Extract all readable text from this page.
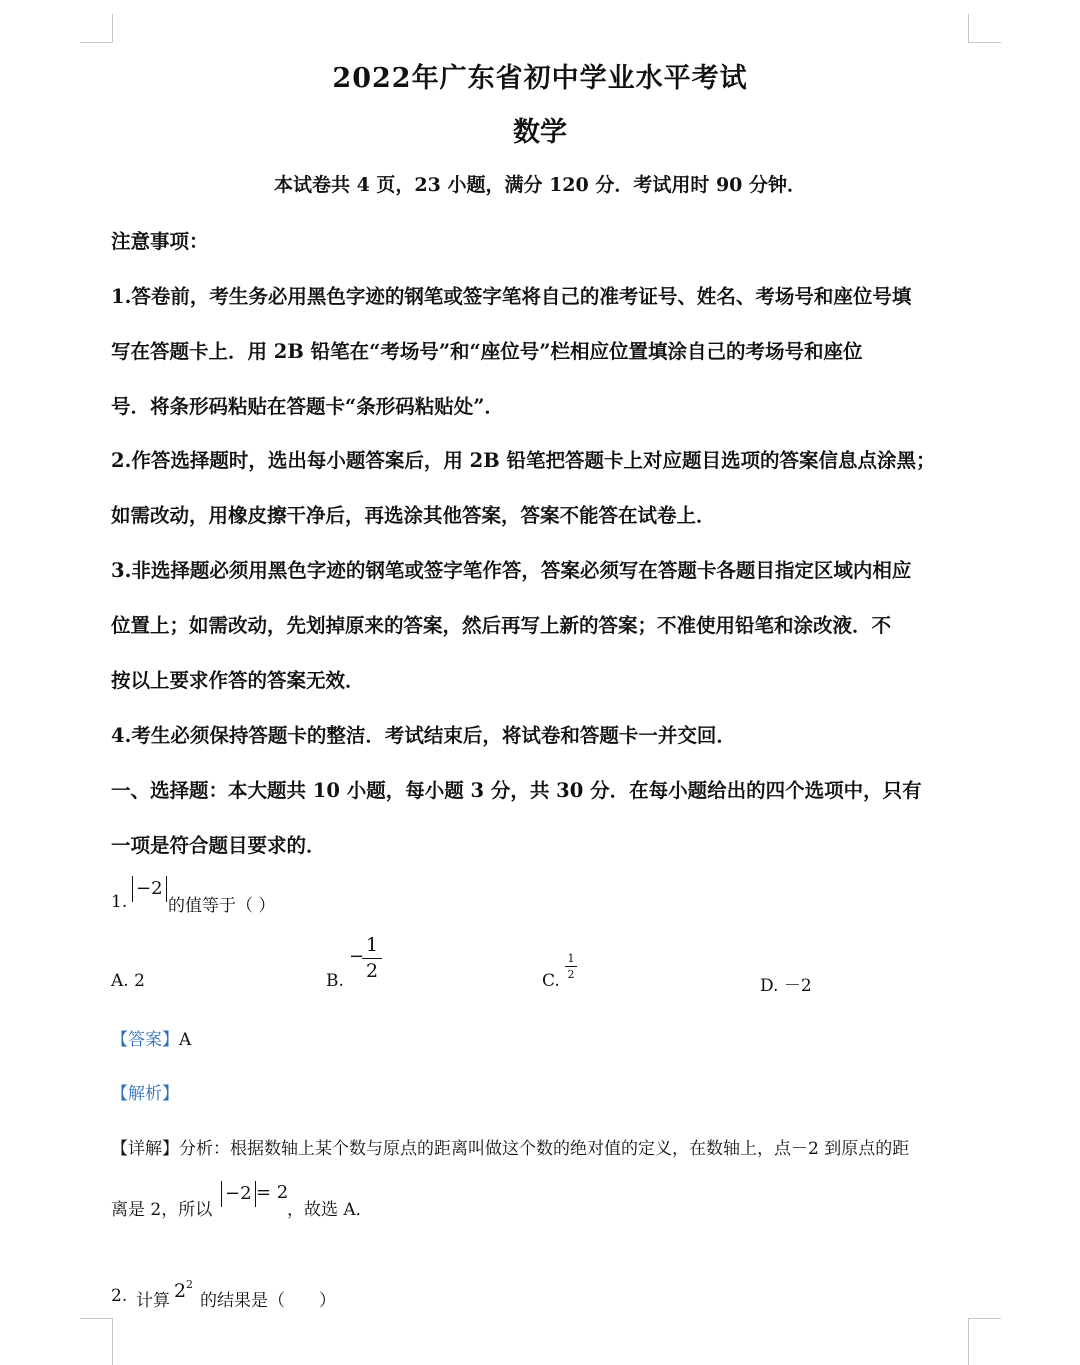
2022年广东省初中学业水平考试
数学
本试卷共 4 页，23 小题，满分 120 分．考试用时 90 分钟．
注意事项：
1.答卷前，考生务必用黑色字迹的钢笔或签字笔将自己的准考证号、姓名、考场号和座位号填
写在答题卡上．用 2B 铅笔在“考场号”和“座位号”栏相应位置填涂自己的考场号和座位
号．将条形码粘贴在答题卡“条形码粘贴处”．
2.作答选择题时，选出每小题答案后，用 2B 铅笔把答题卡上对应题目选项的答案信息点涂黑；
如需改动，用橡皮擦干净后，再选涂其他答案，答案不能答在试卷上．
3.非选择题必须用黑色字迹的钢笔或签字笔作答，答案必须写在答题卡各题目指定区域内相应
位置上；如需改动，先划掉原来的答案，然后再写上新的答案；不准使用铅笔和涂改液．不
按以上要求作答的答案无效．
4.考生必须保持答题卡的整洁．考试结束后，将试卷和答题卡一并交回．
一、选择题：本大题共 10 小题，每小题 3 分，共 30 分．在每小题给出的四个选项中，只有
一项是符合题目要求的．
1.
−2
的值等于（ ）
A. 2	B.
−
1
2	C.
1
2
D. －2
【答案】A
【解析】
【详解】分析：根据数轴上某个数与原点的距离叫做这个数的绝对值的定义，在数轴上，点－2 到原点的距
离是 2，所以
−2 = 2
，故选 A．
2. 计算 2 2
的结果是（　　）
